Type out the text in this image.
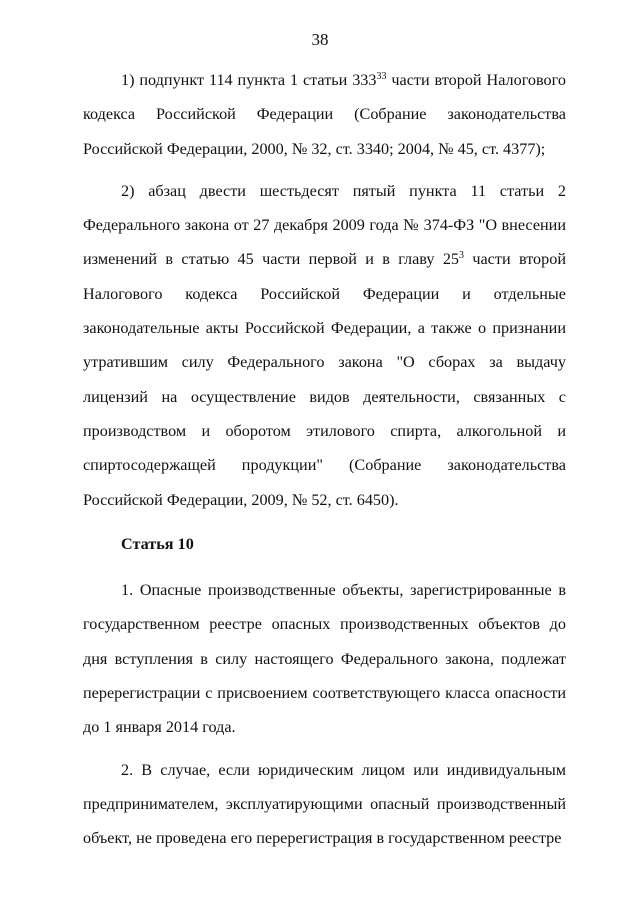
38

1) подпункт 114 пункта 1 статьи $333^{33}$ части второй Налогового кодекса Российской Федерации (Собрание законодательства Российской Федерации, 2000, № 32, ст. 3340; 2004, № 45, ст. 4377);

2) абзац двести шестьдесят пятый пункта 11 статьи 2 Федерального закона от 27 декабря 2009 года № 374-ФЗ "О внесении изменений в статью 45 части первой и в главу $25^3$ части второй Налогового кодекса Российской Федерации и отдельные законодательные акты Российской Федерации, а также о признании утратившим силу Федерального закона "О сборах за выдачу лицензий на осуществление видов деятельности, связанных с производством и оборотом этилового спирта, алкогольной и спиртосодержащей продукции" (Собрание законодательства Российской Федерации, 2009, № 52, ст. 6450).

Статья 10

1. Опасные производственные объекты, зарегистрированные в государственном реестре опасных производственных объектов до дня вступления в силу настоящего Федерального закона, подлежат перерегистрации с присвоением соответствующего класса опасности до 1 января 2014 года.

2. В случае, если юридическим лицом или индивидуальным предпринимателем, эксплуатирующими опасный производственный объект, не проведена его перерегистрация в государственном реестре
